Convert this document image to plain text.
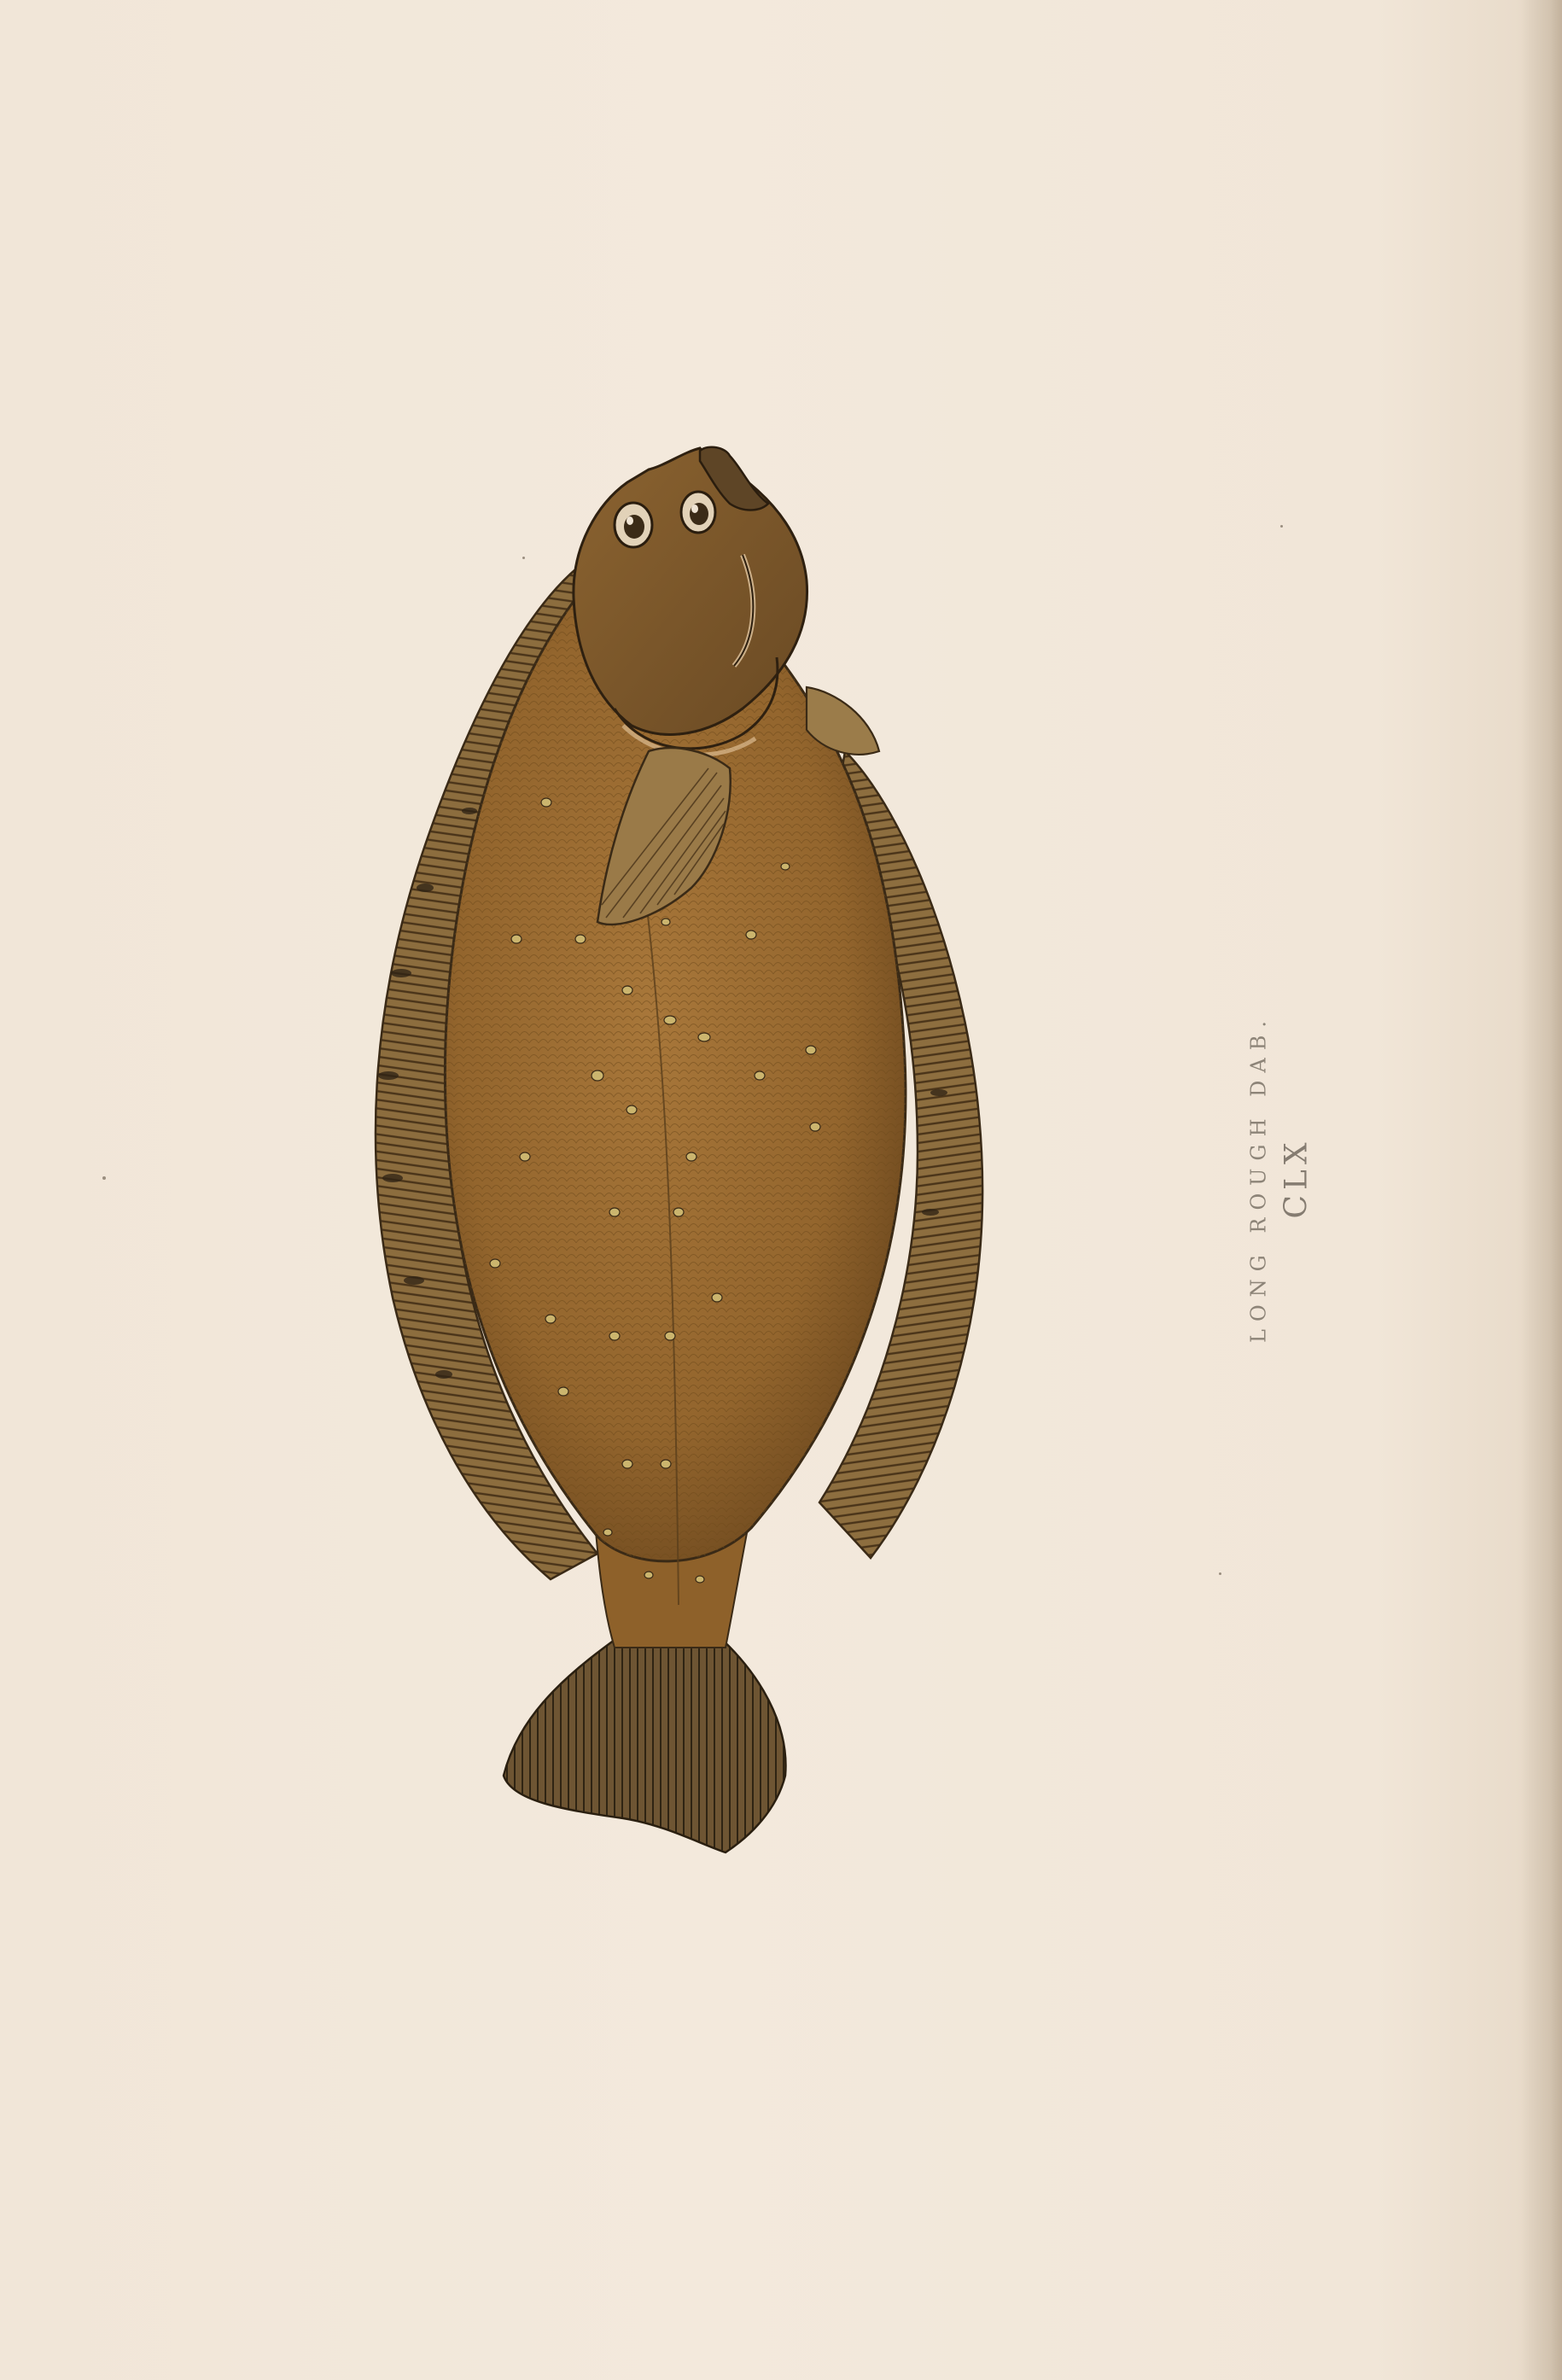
LONG ROUGH DAB. CLX
